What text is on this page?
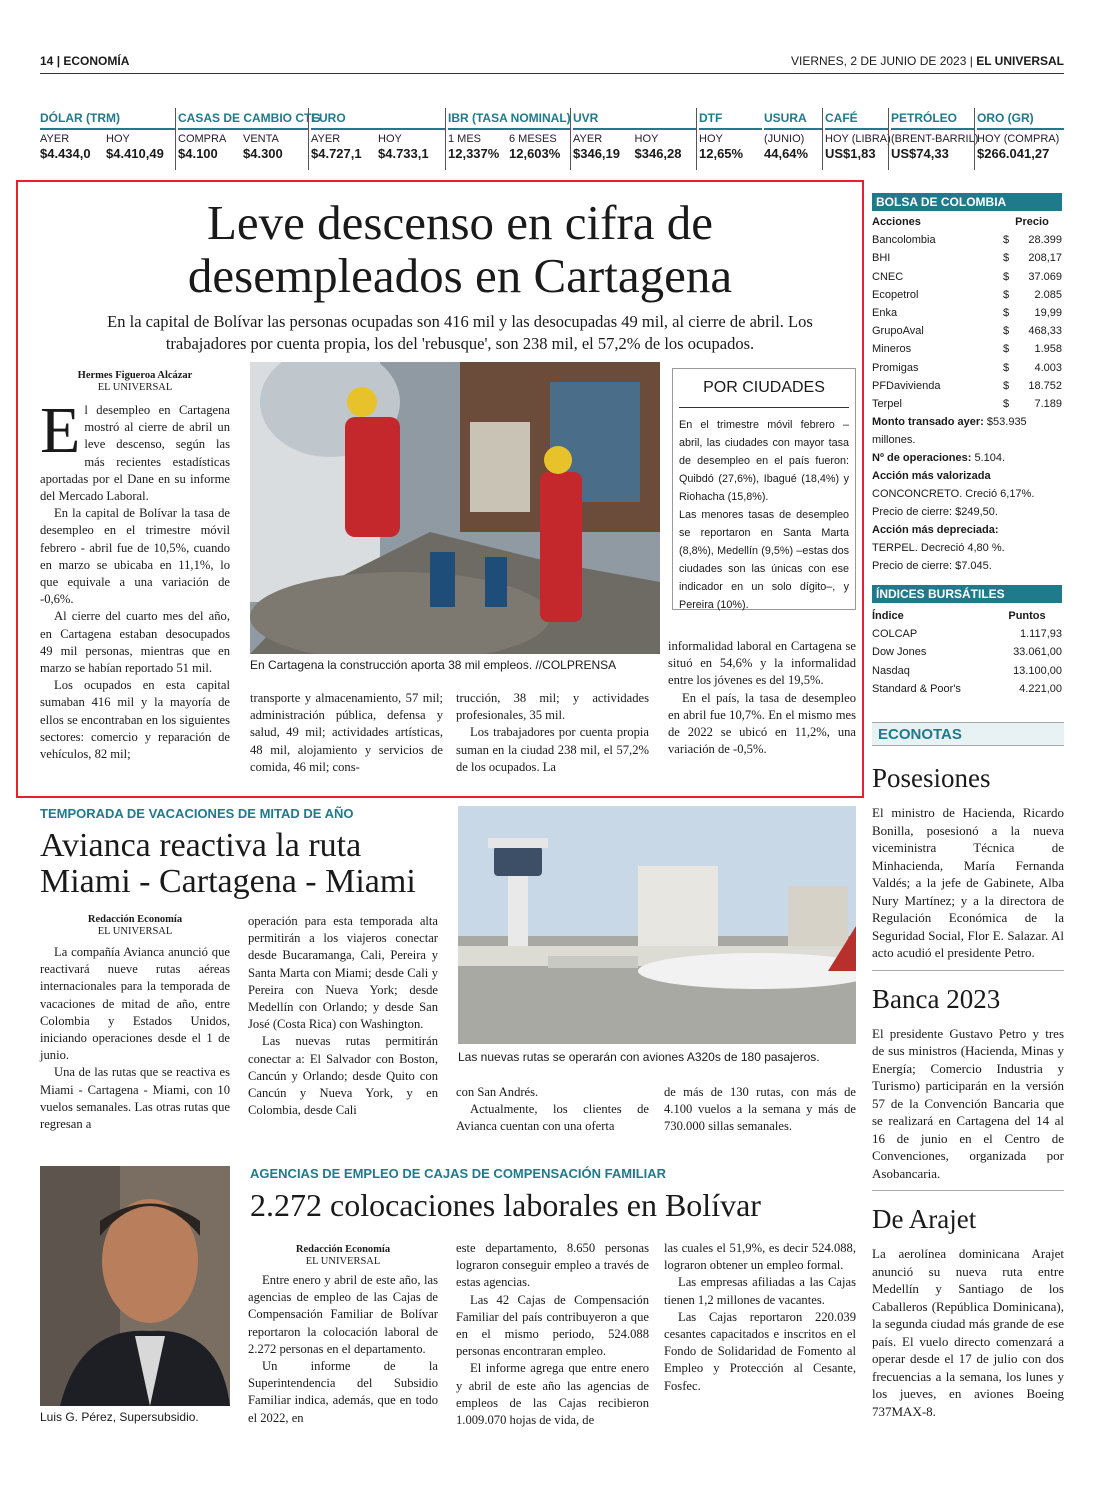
14 | ECONOMÍA	VIERNES, 2 DE JUNIO DE 2023 | EL UNIVERSAL
DÓLAR (TRM)
AYER	HOY
$4.434,0	$4.410,49
CASAS DE CAMBIO CTG
COMPRA	VENTA
$4.100	$4.300
EURO
AYER	HOY
$4.727,1	$4.733,1
IBR (TASA NOMINAL)
1 MES	6 MESES
12,337% 12,603%
UVR
AYER	HOY
$346,19	$346,28
DTF
HOY
12,65%
USURA
(JUNIO)
44,64%
CAFÉ
HOY (LIBRA)
US$1,83
PETRÓLEO
(BRENT-BARRIL)
US$74,33
ORO (GR)
HOY (COMPRA)
$266.041,27
Leve descenso en cifra de desempleados en Cartagena
En la capital de Bolívar las personas ocupadas son 416 mil y las desocupadas 49 mil, al cierre de abril. Los trabajadores por cuenta propia, los del 'rebusque', son 238 mil, el 57,2% de los ocupados.
Hermes Figueroa Alcázar
EL UNIVERSAL
El desempleo en Cartagena mostró al cierre de abril un leve descenso, según las más recientes estadísticas aportadas por el Dane en su informe del Mercado Laboral.

En la capital de Bolívar la tasa de desempleo en el trimestre móvil febrero - abril fue de 10,5%, cuando en marzo se ubicaba en 11,1%, lo que equivale a una variación de -0,6%.

Al cierre del cuarto mes del año, en Cartagena estaban desocupados 49 mil personas, mientras que en marzo se habían reportado 51 mil.

Los ocupados en esta capital sumaban 416 mil y la mayoría de ellos se encontraban en los siguientes sectores: comercio y reparación de vehículos, 82 mil;

En Cartagena la construcción aporta 38 mil empleos. //COLPRENSA
POR CIUDADES
En el trimestre móvil febrero – abril, las ciudades con mayor tasa de desempleo en el país fueron: Quibdó (27,6%), Ibagué (18,4%) y Riohacha (15,8%).
Las menores tasas de desempleo se reportaron en Santa Marta (8,8%), Medellín (9,5%) –estas dos ciudades son las únicas con ese indicador en un solo dígito–, y Pereira (10%).
transporte y almacenamiento, 57 mil; administración pública, defensa y salud, 49 mil; actividades artísticas, 48 mil, alojamiento y servicios de comida, 46 mil; cons-
trucción, 38 mil; y actividades profesionales, 35 mil.

Los trabajadores por cuenta propia suman en la ciudad 238 mil, el 57,2% de los ocupados. La

informalidad laboral en Cartagena se situó en 54,6% y la informalidad entre los jóvenes es del 19,5%.

En el país, la tasa de desempleo en abril fue 10,7%. En el mismo mes de 2022 se ubicó en 11,2%, una variación de -0,5%.

TEMPORADA DE VACACIONES DE MITAD DE AÑO
Avianca reactiva la ruta Miami - Cartagena - Miami
Redacción Economía
EL UNIVERSAL

La compañía Avianca anunció que reactivará nueve rutas aéreas internacionales para la temporada de vacaciones de mitad de año, entre Colombia y Estados Unidos, iniciando operaciones desde el 1 de junio.

Una de las rutas que se reactiva es Miami - Cartagena - Miami, con 10 vuelos semanales. Las otras rutas que regresan a

operación para esta temporada alta permitirán a los viajeros conectar desde Bucaramanga, Cali, Pereira y Santa Marta con Miami; desde Cali y Pereira con Nueva York; desde Medellín con Orlando; y desde San José (Costa Rica) con Washington.

Las nuevas rutas permitirán conectar a: El Salvador con Boston, Cancún y Orlando; desde Quito con Cancún y Nueva York, y en Colombia, desde Cali

Las nuevas rutas se operarán con aviones A320s de 180 pasajeros.
con San Andrés.

Actualmente, los clientes de Avianca cuentan con una oferta

de más de 130 rutas, con más de 4.100 vuelos a la semana y más de 730.000 sillas semanales.
Luis G. Pérez, Supersubsidio.
AGENCIAS DE EMPLEO DE CAJAS DE COMPENSACIÓN FAMILIAR
2.272 colocaciones laborales en Bolívar
Redacción Economía
EL UNIVERSAL

Entre enero y abril de este año, las agencias de empleo de las Cajas de Compensación Familiar de Bolívar reportaron la colocación laboral de 2.272 personas en el departamento.

Un informe de la Superintendencia del Subsidio Familiar indica, además, que en todo el 2022, en

este departamento, 8.650 personas lograron conseguir empleo a través de estas agencias.

Las 42 Cajas de Compensación Familiar del país contribuyeron a que en el mismo periodo, 524.088 personas encontraran empleo.

El informe agrega que entre enero y abril de este año las agencias de empleos de las Cajas recibieron 1.009.070 hojas de vida, de

las cuales el 51,9%, es decir 524.088, lograron obtener un empleo formal.

Las empresas afiliadas a las Cajas tienen 1,2 millones de vacantes.

Las Cajas reportaron 220.039 cesantes capacitados e inscritos en el Fondo de Solidaridad de Fomento al Empleo y Protección al Cesante, Fosfec.

BOLSA DE COLOMBIA
Acciones	Precio
Bancolombia	$	28.399
BHI	$	208,17
CNEC	$	37.069
Ecopetrol	$	2.085
Enka	$	19,99
GrupoAval	$	468,33
Mineros	$	1.958
Promigas	$	4.003
PFDavivienda	$	18.752
Terpel	$	7.189
Monto transado ayer: $53.935 millones.
Nº de operaciones: 5.104.
Acción más valorizada
CONCONCRETO. Creció 6,17%.
Precio de cierre: $249,50.
Acción más depreciada:
TERPEL. Decreció 4,80 %.
Precio de cierre: $7.045.
ÍNDICES BURSÁTILES
Índice	Puntos
COLCAP	1.117,93
Dow Jones	33.061,00
Nasdaq	13.100,00
Standard & Poor's	4.221,00
ECONOTAS
Posesiones
El ministro de Hacienda, Ricardo Bonilla, posesionó a la nueva viceministra Técnica de Minhacienda, María Fernanda Valdés; a la jefe de Gabinete, Alba Nury Martínez; y a la directora de Regulación Económica de la Seguridad Social, Flor E. Salazar. Al acto acudió el presidente Petro.
Banca 2023
El presidente Gustavo Petro y tres de sus ministros (Hacienda, Minas y Energía; Comercio Industria y Turismo) participarán en la versión 57 de la Convención Bancaria que se realizará en Cartagena del 14 al 16 de junio en el Centro de Convenciones, organizada por Asobancaria.
De Arajet
La aerolínea dominicana Arajet anunció su nueva ruta entre Medellín y Santiago de los Caballeros (República Dominicana), la segunda ciudad más grande de ese país. El vuelo directo comenzará a operar desde el 17 de julio con dos frecuencias a la semana, los lunes y los jueves, en aviones Boeing 737MAX-8.
